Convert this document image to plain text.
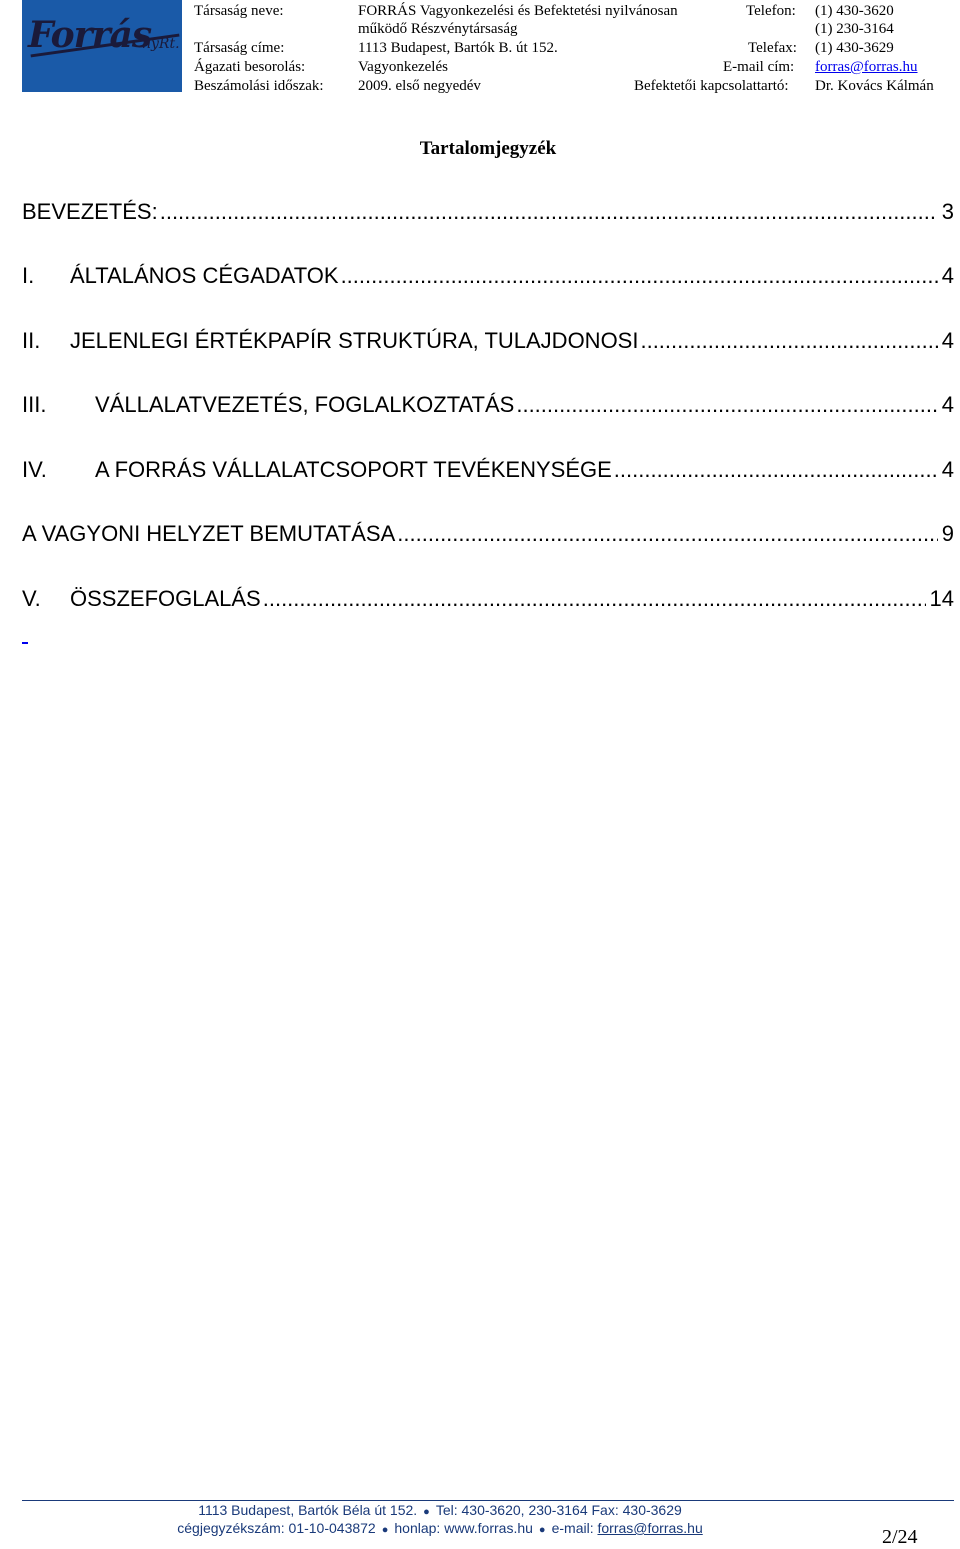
Forrás
nyRt.
Társaság neve:	FORRÁS Vagyonkezelési és Befektetési nyilvánosan
működő Részvénytársaság
Társaság címe:	1113 Budapest, Bartók B. út 152.
Ágazati besorolás:	Vagyonkezelés
Beszámolási időszak: 2009. első negyedév
Telefon: (1) 430-3620
(1) 230-3164
Telefax: (1) 430-3629
E-mail cím: forras@forras.hu
Befektetői kapcsolattartó: Dr. Kovács Kálmán
Tartalomjegyzék
BEVEZETÉS: .....	3
I.	ÁLTALÁNOS CÉGADATOK .....	4
II.	JELENLEGI ÉRTÉKPAPÍR STRUKTÚRA, TULAJDONOSI .....	4
III.	VÁLLALATVEZETÉS, FOGLALKOZTATÁS .....	4
IV.	A FORRÁS VÁLLALATCSOPORT TEVÉKENYSÉGE .....	4
A VAGYONI HELYZET BEMUTATÁSA .....	9
V.	ÖSSZEFOGLALÁS .....	14
1113 Budapest, Bartók Béla út 152. ● Tel: 430-3620, 230-3164 Fax: 430-3629
cégjegyzékszám: 01-10-043872 ● honlap: www.forras.hu ● e-mail: forras@forras.hu	2/24
